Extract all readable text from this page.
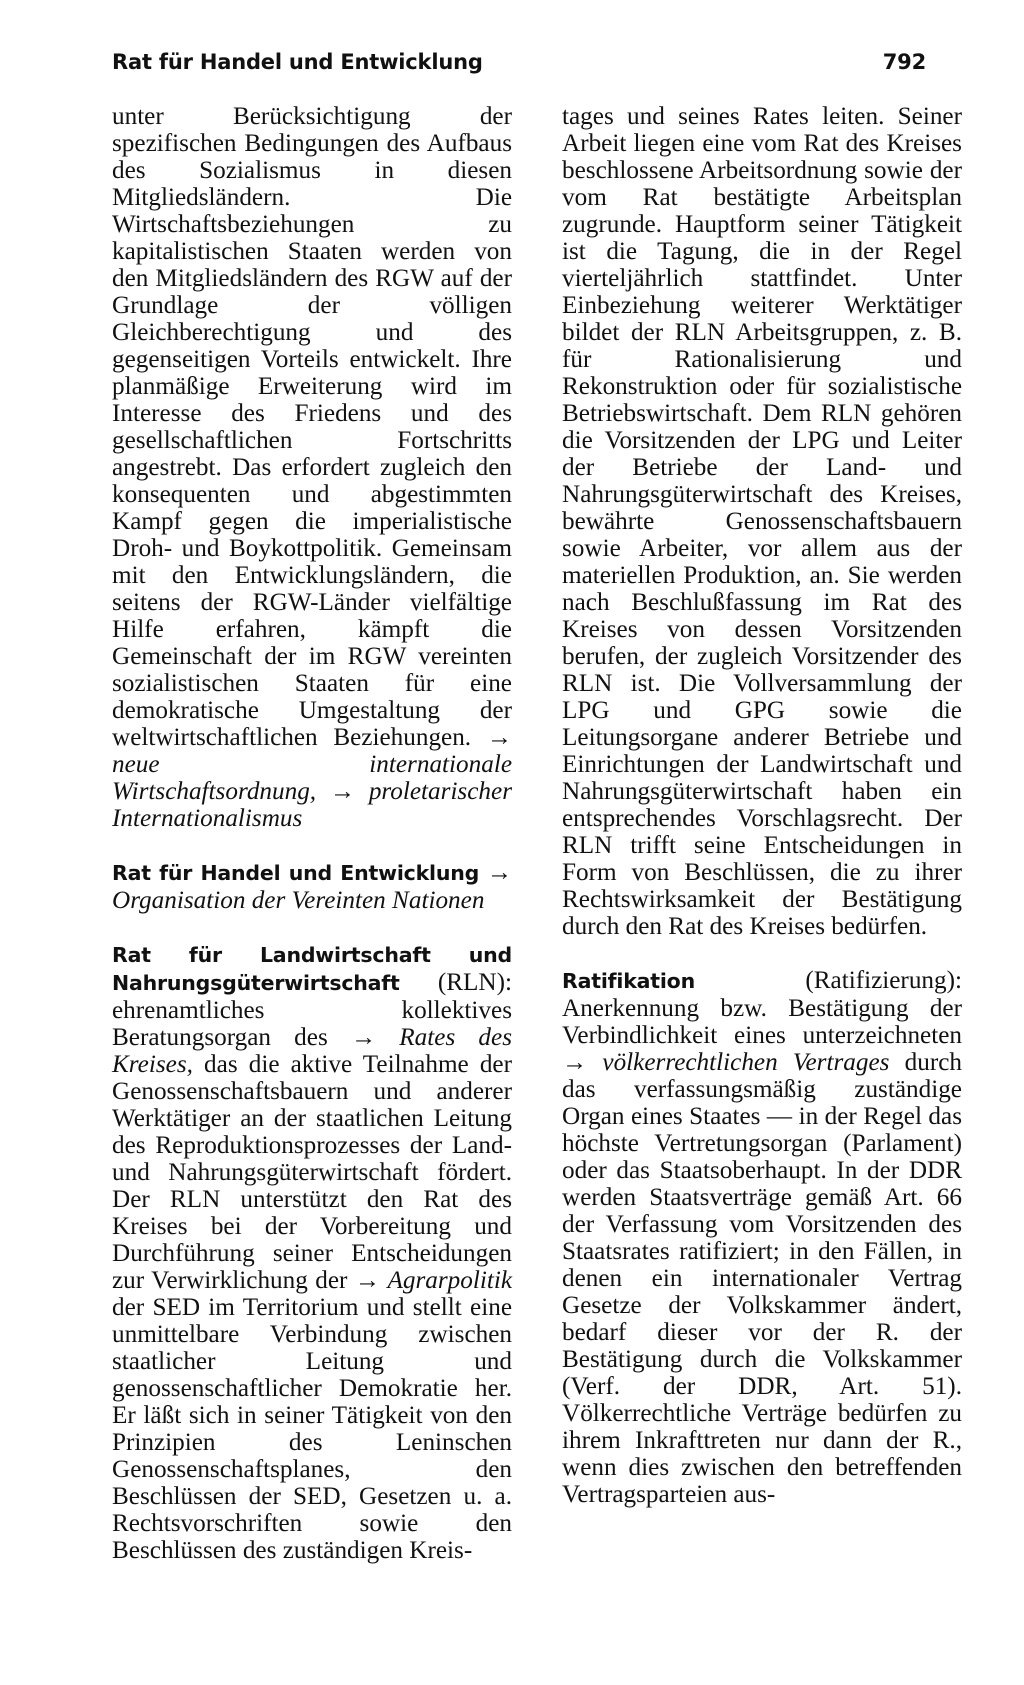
Rat für Handel und Entwicklung	792

unter Berücksichtigung der spezifischen Bedingungen des Aufbaus des Sozialismus in diesen Mitgliedsländern. Die Wirtschaftsbeziehungen zu kapitalistischen Staaten werden von den Mitgliedsländern des RGW auf der Grundlage der völligen Gleichberechtigung und des gegenseitigen Vorteils entwickelt. Ihre planmäßige Erweiterung wird im Interesse des Friedens und des gesellschaftlichen Fortschritts angestrebt. Das erfordert zugleich den konsequenten und abgestimmten Kampf gegen die imperialistische Droh- und Boykottpolitik. Gemeinsam mit den Entwicklungsländern, die seitens der RGW-Länder vielfältige Hilfe erfahren, kämpft die Gemeinschaft der im RGW vereinten sozialistischen Staaten für eine demokratische Umgestaltung der weltwirtschaftlichen Beziehungen. → neue internationale Wirtschaftsordnung, → proletarischer Internationalismus

Rat für Handel und Entwicklung → Organisation der Vereinten Nationen

Rat für Landwirtschaft und Nahrungsgüterwirtschaft (RLN): ehrenamtliches kollektives Beratungsorgan des → Rates des Kreises, das die aktive Teilnahme der Genossenschaftsbauern und anderer Werktätiger an der staatlichen Leitung des Reproduktionsprozesses der Land- und Nahrungsgüterwirtschaft fördert. Der RLN unterstützt den Rat des Kreises bei der Vorbereitung und Durchführung seiner Entscheidungen zur Verwirklichung der → Agrarpolitik der SED im Territorium und stellt eine unmittelbare Verbindung zwischen staatlicher Leitung und genossenschaftlicher Demokratie her. Er läßt sich in seiner Tätigkeit von den Prinzipien des Leninschen Genossenschaftsplanes, den Beschlüssen der SED, Gesetzen u. a. Rechtsvorschriften sowie den Beschlüssen des zuständigen Kreis-

tages und seines Rates leiten. Seiner Arbeit liegen eine vom Rat des Kreises beschlossene Arbeitsordnung sowie der vom Rat bestätigte Arbeitsplan zugrunde. Hauptform seiner Tätigkeit ist die Tagung, die in der Regel vierteljährlich stattfindet. Unter Einbeziehung weiterer Werktätiger bildet der RLN Arbeitsgruppen, z. B. für Rationalisierung und Rekonstruktion oder für sozialistische Betriebswirtschaft. Dem RLN gehören die Vorsitzenden der LPG und Leiter der Betriebe der Land- und Nahrungsgüterwirtschaft des Kreises, bewährte Genossenschaftsbauern sowie Arbeiter, vor allem aus der materiellen Produktion, an. Sie werden nach Beschlußfassung im Rat des Kreises von dessen Vorsitzenden berufen, der zugleich Vorsitzender des RLN ist. Die Vollversammlung der LPG und GPG sowie die Leitungsorgane anderer Betriebe und Einrichtungen der Landwirtschaft und Nahrungsgüterwirtschaft haben ein entsprechendes Vorschlagsrecht. Der RLN trifft seine Entscheidungen in Form von Beschlüssen, die zu ihrer Rechtswirksamkeit der Bestätigung durch den Rat des Kreises bedürfen.

Ratifikation	(Ratifizierung): Anerkennung bzw. Bestätigung der Verbindlichkeit eines unterzeichneten → völkerrechtlichen Vertrages durch das verfassungsmäßig zuständige Organ eines Staates — in der Regel das höchste Vertretungsorgan (Parlament) oder das Staatsoberhaupt. In der DDR werden Staatsverträge gemäß Art. 66 der Verfassung vom Vorsitzenden des Staatsrates ratifiziert; in den Fällen, in denen ein internationaler Vertrag Gesetze der Volkskammer ändert, bedarf dieser vor der R. der Bestätigung durch die Volkskammer (Verf. der DDR, Art. 51). Völkerrechtliche Verträge bedürfen zu ihrem Inkrafttreten nur dann der R., wenn dies zwischen den betreffenden Vertragsparteien aus-
